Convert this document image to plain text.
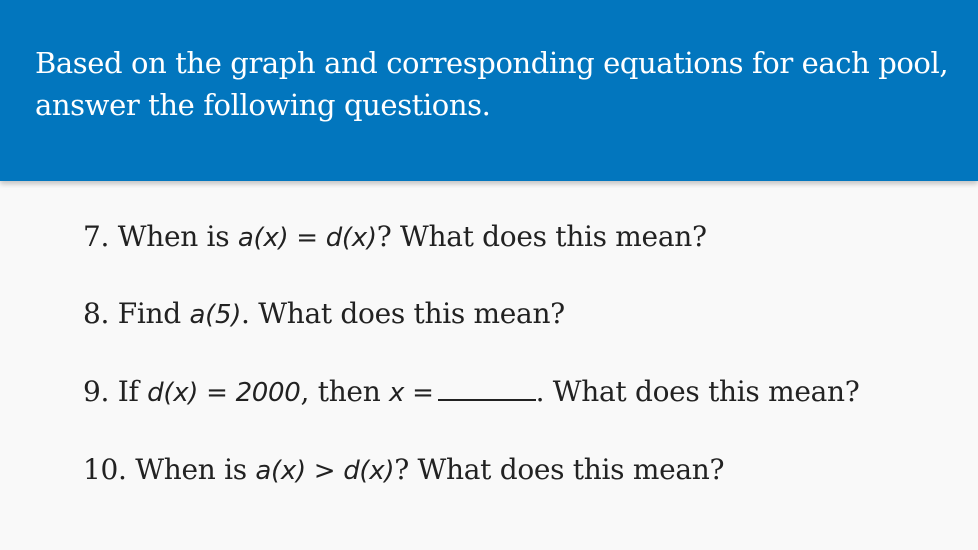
Based on the graph and corresponding equations for each pool, answer the following questions.
7. When is a(x) = d(x)? What does this mean?
8. Find a(5). What does this mean?
9. If d(x) = 2000, then x =	. What does this mean?
10. When is a(x) > d(x)? What does this mean?
